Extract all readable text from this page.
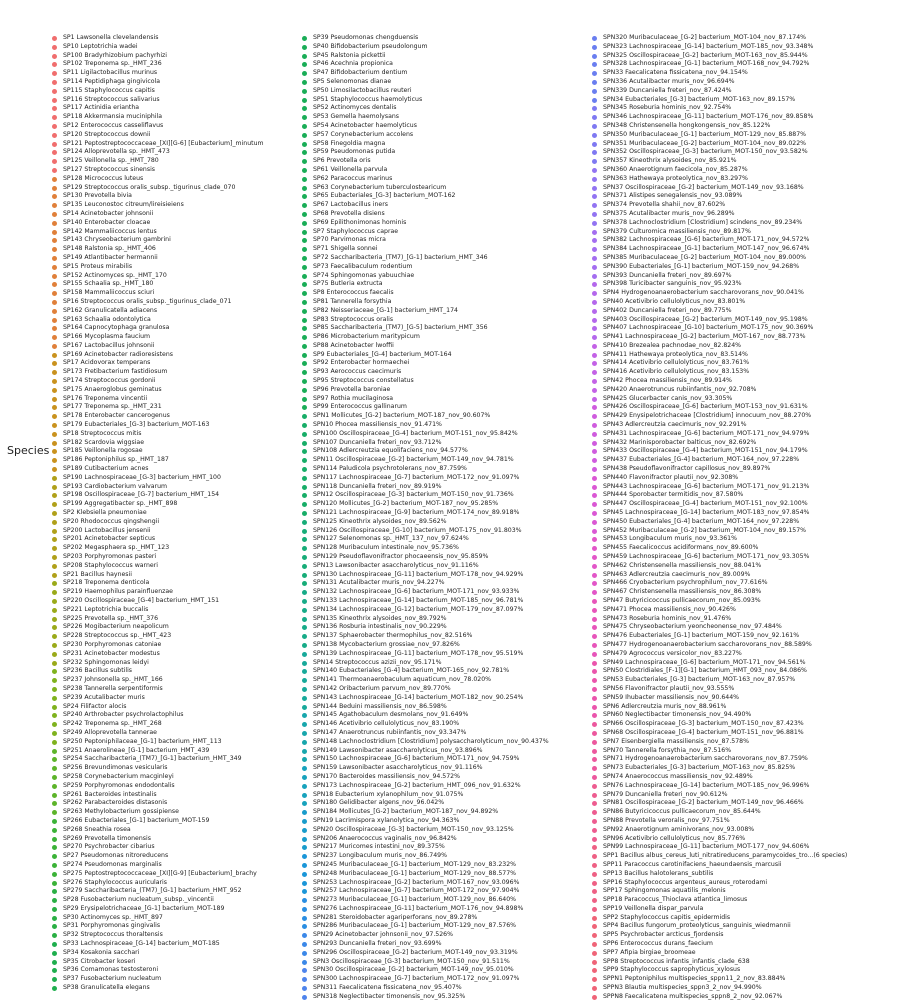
Species
SP1 Lawsonella clevelandensis
SP10 Leptotrichia wadei
SP100 Bradyrhizobium pachyrhizi
SP102 Treponema sp._HMT_236
SP11 Ligilactobacillus murinus
SP114 Peptidiphaga gingivicola
SP115 Staphylococcus capitis
SP116 Streptococcus salivarius
SP117 Actinidia eriantha
SP118 Akkermansia muciniphila
SP12 Enterococcus casseliflavus
SP120 Streptococcus downii
SP121 Peptostreptococcaceae_[XI][G-6] [Eubacterium]_minutum
SP124 Alloprevotella sp._HMT_473
SP125 Veillonella sp._HMT_780
SP127 Streptococcus sinensis
SP128 Micrococcus luteus
SP129 Streptococcus oralis_subsp._tigurinus_clade_070
SP130 Prevotella bivia
SP135 Leuconostoc citreum/lireisieiens
SP14 Acinetobacter johnsonii
SP140 Enterobacter cloacae
SP142 Mammaliicoccus lentus
SP143 Chryseobacterium gambrini
SP148 Ralstonia sp._HMT_406
SP149 Atlantibacter hermannii
SP15 Proteus mirabilis
SP152 Actinomyces sp._HMT_170
SP155 Schaalia sp._HMT_180
SP158 Mammaliicoccus sciuri
SP16 Streptococcus oralis_subsp._tigurinus_clade_071
SP162 Granulicatella adiacens
SP163 Schaalia odontolytica
SP164 Capnocytophaga granulosa
SP166 Mycoplasma faucium
SP167 Lactobacillus johnsonii
SP169 Acinetobacter radioresistens
SP17 Acidovorax temperans
SP173 Fretibacterium fastidiosum
SP174 Streptococcus gordonii
SP175 Anaeroglobus geminatus
SP176 Treponema vincentii
SP177 Treponema sp._HMT_231
SP178 Enterobacter cancerogenus
SP179 Eubacteriales_[G-3] bacterium_MOT-163
SP18 Streptococcus mitis
SP182 Scardovia wiggsiae
SP185 Veillonella rogosae
SP186 Peptoniphilus sp._HMT_187
SP189 Cutibacterium acnes
SP190 Lachnospiraceae_[G-3] bacterium_HMT_100
SP193 Cardiobacterium valvarum
SP198 Oscillospiraceae_[G-7] bacterium_HMT_154
SP199 Aggregatibacter sp._HMT_898
SP2 Klebsiella pneumoniae
SP20 Rhodococcus qingshengii
SP200 Lactobacillus jensenii
SP201 Acinetobacter septicus
SP202 Megasphaera sp._HMT_123
SP203 Porphyromonas pasteri
SP208 Staphylococcus warneri
SP21 Bacillus haynesii
SP218 Treponema denticola
SP219 Haemophilus parainfluenzae
SP220 Oscillospiraceae_[G-4] bacterium_HMT_151
SP221 Leptotrichia buccalis
SP225 Prevotella sp._HMT_376
SP226 Mogibacterium neapolicum
SP228 Streptococcus sp._HMT_423
SP230 Porphyromonas catoniae
SP231 Acinetobacter modestus
SP232 Sphingomonas leidyi
SP236 Bacillus subtilis
SP237 Johnsonella sp._HMT_166
SP238 Tannerella serpentiformis
SP239 Acutalibacter muris
SP24 Filifactor alocis
SP240 Arthrobacter psychrolactophilus
SP242 Treponema sp._HMT_268
SP249 Alloprevotella tannerae
SP250 Peptoniphilaceae_[G-1] bacterium_HMT_113
SP251 Anaerolineae_[G-1] bacterium_HMT_439
SP254 Saccharibacteria_(TM7)_[G-1] bacterium_HMT_349
SP256 Brevundimonas vesicularis
SP258 Corynebacterium macginleyi
SP259 Porphyromonas endodontalis
SP261 Bacteroides intestinalis
SP262 Parabacteroides distasonis
SP263 Methylobacterium gossipiense
SP266 Eubacteriales_[G-1] bacterium_MOT-159
SP268 Sneathia rosea
SP269 Prevotella timonensis
SP270 Psychrobacter cibarius
SP27 Pseudomonas nitroreducens
SP274 Pseudomonas marginalis
SP275 Peptostreptococcaceae_[XI][G-9] [Eubacterium]_brachy
SP276 Staphylococcus auricularis
SP279 Saccharibacteria_(TM7)_[G-1] bacterium_HMT_952
SP28 Fusobacterium nucleatum_subsp._vincentii
SP29 Erysipelotrichaceae_[G-1] bacterium_MOT-189
SP30 Actinomyces sp._HMT_897
SP31 Porphyromonas gingivalis
SP32 Streptococcus thoraltensis
SP33 Lachnospiraceae_[G-14] bacterium_MOT-185
SP34 Kosakonia sacchari
SP35 Citrobacter koseri
SP36 Comamonas testosteroni
SP37 Fusobacterium nucleatum
SP38 Granulicatella elegans
SP39 Pseudomonas chengduensis
SP40 Bifidobacterium pseudolongum
SP45 Ralstonia pickettii
SP46 Acechnia propionica
SP47 Bifidobacterium dentium
SP5 Selenomonas dianae
SP50 Limosilactobacillus reuteri
SP51 Staphylococcus haemolyticus
SP52 Actinomyces dentalis
SP53 Gemella haemolysans
SP54 Acinetobacter haemolyticus
SP57 Corynebacterium accolens
SP58 Finegoldia magna
SP59 Pseudomonas putida
SP6 Prevotella oris
SP61 Veillonella parvula
SP62 Paracoccus marinus
SP63 Corynebacterium tuberculostearicum
SP65 Eubacteriales_[G-3] bacterium_MOT-162
SP67 Lactobacillus iners
SP68 Prevotella disiens
SP69 Epilithonimonas hominis
SP7 Staphylococcus caprae
SP70 Parvimonas micra
SP71 Shigella sonnei
SP72 Saccharibacteria_(TM7)_[G-1] bacterium_HMT_346
SP73 Faecalibaculum rodentium
SP74 Sphingomonas yabuuchiae
SP75 Butleria extructa
SP8 Enterococcus faecalis
SP81 Tannerella forsythia
SP82 Neisseriaceae_[G-1] bacterium_HMT_174
SP83 Streptococcus oralis
SP85 Saccharibacteria_(TM7)_[G-5] bacterium_HMT_356
SP86 Microbacterium maritypicum
SP88 Acinetobacter lwoffii
SP9 Eubacteriales_[G-4] bacterium_MOT-164
SP92 Enterobacter hormaechei
SP93 Aerococcus caecimuris
SP95 Streptococcus constellatus
SP96 Prevotella baroniae
SP97 Rothia mucilaginosa
SP99 Enterococcus gallinarum
SPN1 Mollicutes_[G-2] bacterium_MOT-187_nov_90.607%
SPN10 Phocea massiliensis_nov_91.471%
SPN100 Oscillospiraceae_[G-4] bacterium_MOT-151_nov_95.842%
SPN107 Duncaniella freteri_nov_93.712%
SPN108 Adlercreutzia equolifaciens_nov_94.577%
SPN11 Oscillospiraceae_[G-2] bacterium_MOT-149_nov_94.781%
SPN114 Paludicola psychrotolerans_nov_87.759%
SPN117 Lachnospiraceae_[G-7] bacterium_MOT-172_nov_91.097%
SPN118 Duncaniella freteri_nov_89.919%
SPN12 Oscillospiraceae_[G-3] bacterium_MOT-150_nov_91.736%
SPN120 Mollicutes_[G-2] bacterium_MOT-187_nov_95.285%
SPN121 Lachnospiraceae_[G-9] bacterium_MOT-174_nov_89.918%
SPN125 Kineothrix alysoides_nov_89.562%
SPN126 Oscillospiraceae_[G-10] bacterium_MOT-175_nov_91.803%
SPN127 Selenomonas sp._HMT_137_nov_97.624%
SPN128 Muribaculum intestinale_nov_95.736%
SPN129 Pseudoflavonifractor phocaeensis_nov_95.859%
SPN13 Lawsonibacter asaccharolyticus_nov_91.116%
SPN130 Lachnospiraceae_[G-11] bacterium_MOT-178_nov_94.929%
SPN131 Acutalibacter muris_nov_94.227%
SPN132 Lachnospiraceae_[G-6] bacterium_MOT-171_nov_93.933%
SPN133 Lachnospiraceae_[G-14] bacterium_MOT-185_nov_96.781%
SPN134 Lachnospiraceae_[G-12] bacterium_MOT-179_nov_87.097%
SPN135 Kineothrix alysoides_nov_89.792%
SPN136 Rosburia intestinalis_nov_90.229%
SPN137 Sphaerobacter thermophilus_nov_82.516%
SPN138 Mycobacterium grossiae_nov_97.826%
SPN139 Lachnospiraceae_[G-11] bacterium_MOT-178_nov_95.519%
SPN14 Streptococcus azizii_nov_95.171%
SPN140 Eubacteriales_[G-4] bacterium_MOT-165_nov_92.781%
SPN141 Thermoanaerobaculum aquaticum_nov_78.020%
SPN142 Oribacterium parvum_nov_89.770%
SPN143 Lachnospiraceae_[G-14] bacterium_MOT-182_nov_90.254%
SPN144 Beduini massiliensis_nov_86.598%
SPN145 Agathobaculum desmolans_nov_91.649%
SPN146 Acetivibrio cellulolyticus_nov_83.190%
SPN147 Anaerotruncus rubiinfantis_nov_93.347%
SPN148 Lachnoclostridium [Clostridium] polysaccharolyticum_nov_90.437%
SPN149 Lawsonibacter asaccharolyticus_nov_93.896%
SPN150 Lachnospiraceae_[G-6] bacterium_MOT-171_nov_94.759%
SPN159 Lawsonibacter asaccharolyticus_nov_91.116%
SPN170 Bacteroides massiliensis_nov_94.572%
SPN173 Lachnospiraceae_[G-2] bacterium_HMT_096_nov_91.632%
SPN18 Eubacterium xylanophilum_nov_91.075%
SPN180 Gelidibacter algens_nov_96.042%
SPN184 Mollicutes_[G-2] bacterium_MOT-187_nov_94.892%
SPN19 Lacrimispora xylanolytica_nov_94.363%
SPN20 Oscillospiraceae_[G-3] bacterium_MOT-150_nov_93.125%
SPN206 Anaerococcus vaginalis_nov_96.842%
SPN217 Muricomes intestini_nov_89.375%
SPN237 Longibaculum muris_nov_86.749%
SPN245 Muribaculaceae_[G-1] bacterium_MOT-129_nov_83.232%
SPN248 Muribaculaceae_[G-1] bacterium_MOT-129_nov_88.577%
SPN253 Lachnospiraceae_[G-2] bacterium_MOT-167_nov_93.096%
SPN257 Lachnospiraceae_[G-7] bacterium_MOT-172_nov_97.904%
SPN273 Muribaculaceae_[G-1] bacterium_MOT-129_nov_86.640%
SPN276 Lachnospiraceae_[G-11] bacterium_MOT-176_nov_94.898%
SPN281 Steroidobacter agariperforans_nov_89.278%
SPN286 Muribaculaceae_[G-1] bacterium_MOT-129_nov_87.576%
SPN29 Acinetobacter johnsonii_nov_97.526%
SPN293 Duncaniella freteri_nov_93.699%
SPN296 Oscillospiraceae_[G-2] bacterium_MOT-149_nov_93.319%
SPN3 Oscillospiraceae_[G-3] bacterium_MOT-150_nov_91.511%
SPN30 Oscillospiraceae_[G-2] bacterium_MOT-149_nov_95.010%
SPN300 Lachnospiraceae_[G-7] bacterium_MOT-172_nov_91.097%
SPN311 Faecalicatena fissicatena_nov_95.407%
SPN318 Neglectibacter timonensis_nov_95.325%
SPN320 Muribaculaceae_[G-2] bacterium_MOT-104_nov_87.174%
SPN323 Lachnospiraceae_[G-14] bacterium_MOT-185_nov_93.348%
SPN325 Oscillospiraceae_[G-2] bacterium_MOT-163_nov_85.944%
SPN328 Lachnospiraceae_[G-1] bacterium_MOT-168_nov_94.792%
SPN33 Faecalicatena fissicatena_nov_94.154%
SPN336 Acutalibacter muris_nov_96.694%
SPN339 Duncaniella freteri_nov_87.424%
SPN34 Eubacteriales_[G-3] bacterium_MOT-163_nov_89.157%
SPN345 Roseburia hominis_nov_92.754%
SPN346 Lachnospiraceae_[G-11] bacterium_MOT-176_nov_89.858%
SPN348 Christensenella hongkongensis_nov_85.122%
SPN350 Muribaculaceae_[G-1] bacterium_MOT-129_nov_85.887%
SPN351 Muribaculaceae_[G-2] bacterium_MOT-104_nov_89.022%
SPN352 Oscillospiraceae_[G-3] bacterium_MOT-150_nov_93.582%
SPN357 Kineothrix alysoides_nov_85.921%
SPN360 Anaerotignum faecicola_nov_85.287%
SPN363 Hathewaya proteolytica_nov_83.297%
SPN37 Oscillospiraceae_[G-2] bacterium_MOT-149_nov_93.168%
SPN371 Alistipes senegalensis_nov_93.089%
SPN374 Prevotella shahii_nov_87.602%
SPN375 Acutalibacter muris_nov_96.289%
SPN378 Lachnoclostridium [Clostridium] scindens_nov_89.234%
SPN379 Culturomica massiliensis_nov_89.817%
SPN382 Lachnospiraceae_[G-6] bacterium_MOT-171_nov_94.572%
SPN384 Lachnospiraceae_[G-1] bacterium_MOT-147_nov_96.674%
SPN385 Muribaculaceae_[G-2] bacterium_MOT-104_nov_89.000%
SPN390 Eubacteriales_[G-1] bacterium_MOT-159_nov_94.268%
SPN393 Duncaniella freteri_nov_89.697%
SPN398 Turicibacter sanguinis_nov_95.923%
SPN4 Hydrogenoanaerobacterium saccharovorans_nov_90.041%
SPN40 Acetivibrio cellulolyticus_nov_83.801%
SPN402 Duncaniella freteri_nov_89.775%
SPN403 Oscillospiraceae_[G-2] bacterium_MOT-149_nov_95.198%
SPN407 Lachnospiraceae_[G-10] bacterium_MOT-175_nov_90.369%
SPN41 Lachnospiraceae_[G-2] bacterium_MOT-167_nov_88.773%
SPN410 Brezealea pachnodae_nov_82.824%
SPN411 Hathewaya proteolytica_nov_83.514%
SPN414 Acetivibrio cellulolyticus_nov_83.761%
SPN416 Acetivibrio cellulolyticus_nov_83.153%
SPN42 Phocea massiliensis_nov_89.914%
SPN420 Anaerotruncus rubiinfantis_nov_92.708%
SPN425 Glucerbacter canis_nov_93.305%
SPN426 Oscillospiraceae_[G-6] bacterium_MOT-153_nov_91.631%
SPN429 Enysipelotrichaceae [Clostridium] innocuum_nov_88.270%
SPN43 Adlercreutzia caecimuris_nov_92.291%
SPN431 Lachnospiraceae_[G-6] bacterium_MOT-171_nov_94.979%
SPN432 Marinisporobacter balticus_nov_82.692%
SPN433 Oscillospiraceae_[G-4] bacterium_MOT-151_nov_94.179%
SPN437 Eubacteriales_[G-4] bacterium_MOT-164_nov_97.228%
SPN438 Pseudoflavonifractor capillosus_nov_89.897%
SPN440 Flavonifractor plautii_nov_92.308%
SPN443 Lachnospiraceae_[G-6] bacterium_MOT-171_nov_91.213%
SPN444 Sporobacter termitidis_nov_87.580%
SPN447 Oscillospiraceae_[G-4] bacterium_MOT-151_nov_92.100%
SPN45 Lachnospiraceae_[G-14] bacterium_MOT-183_nov_97.854%
SPN450 Eubacteriales_[G-4] bacterium_MOT-164_nov_97.228%
SPN452 Muribaculaceae_[G-2] bacterium_MOT-104_nov_89.157%
SPN453 Longibaculum muris_nov_93.361%
SPN455 Faecalicoccus acidiformans_nov_89.600%
SPN459 Lachnospiraceae_[G-6] bacterium_MOT-171_nov_93.305%
SPN462 Christensenella massiliensis_nov_88.041%
SPN463 Adlercreutzia caecimuris_nov_89.009%
SPN466 Cryobacterium psychrophilum_nov_77.616%
SPN467 Christensenella massiliensis_nov_86.308%
SPN47 Butyricicoccus pullicaecorum_nov_85.093%
SPN471 Phocea massiliensis_nov_90.426%
SPN473 Roseburia hominis_nov_91.476%
SPN475 Chryseobacterium yeoncheonense_nov_97.484%
SPN476 Eubacteriales_[G-1] bacterium_MOT-159_nov_92.161%
SPN477 Hydrogenoanaerobacterium saccharovorans_nov_88.589%
SPN479 Agrococcus versicolor_nov_83.227%
SPN49 Lachnospiraceae_[G-6] bacterium_MOT-171_nov_94.561%
SPN50 Clostridiales_[F-1][G-1] bacterium_HMT_093_nov_84.086%
SPN53 Eubacteriales_[G-3] bacterium_MOT-163_nov_87.957%
SPN56 Flavonifractor plautii_nov_93.555%
SPN59 Ihubacter massiliensis_nov_90.644%
SPN6 Adlercreutzia muris_nov_88.961%
SPN60 Neglectibacter timonensis_nov_94.490%
SPN66 Oscillospiraceae_[G-3] bacterium_MOT-150_nov_87.423%
SPN68 Oscillospiraceae_[G-4] bacterium_MOT-151_nov_96.881%
SPN7 Eisenbergiella massiliensis_nov_87.578%
SPN70 Tannerella forsythia_nov_87.516%
SPN71 Hydrogenoanaerobacterium saccharovorans_nov_87.759%
SPN73 Eubacteriales_[G-3] bacterium_MOT-163_nov_85.825%
SPN74 Anaerococcus massiliensis_nov_92.489%
SPN76 Lachnospiraceae_[G-14] bacterium_MOT-185_nov_96.996%
SPN79 Duncaniella freteri_nov_90.612%
SPN81 Oscillospiraceae_[G-2] bacterium_MOT-149_nov_96.466%
SPN86 Butyricicoccus pullicaecorum_nov_85.644%
SPN88 Prevotella veroralis_nov_97.751%
SPN92 Anaerotignum aminivorans_nov_93.008%
SPN96 Acetivibrio cellulolyticus_nov_85.776%
SPN99 Lachnospiraceae_[G-11] bacterium_MOT-177_nov_94.606%
SPP1 Bacillus albus_cereus_luti_nitratireducens_paramycoides_tro...(6 species)
SPP11 Paracoccus carotinifaciens_haeundaensis_marcusii
SPP13 Bacillus halotolerans_subtilis
SPP16 Staphylococcus argenteus_aureus_roterodami
SPP17 Sphingomonas aquatilis_melonis
SPP18 Paracoccus_Thioclava atlantica_limosus
SPP19 Veillonella dispar_parvula
SPP2 Staphylococcus capitis_epidermidis
SPP4 Bacillus fungorum_proteolyticus_sanguinis_wiedmannii
SPP5 Psychrobacter arcticus_fjordensis
SPP6 Enterococcus durans_faecium
SPP7 Afipia birgiae_broomeae
SPP8 Streptococcus infantis_infantis_clade_638
SPP9 Staphylococcus saprophyticus_xylosus
SPPN1 Peptoniphilus multispecies_sppn11_2_nov_83.884%
SPPN3 Blautia multispecies_sppn3_2_nov_94.990%
SPPN8 Faecalicatena multispecies_sppn8_2_nov_92.067%
